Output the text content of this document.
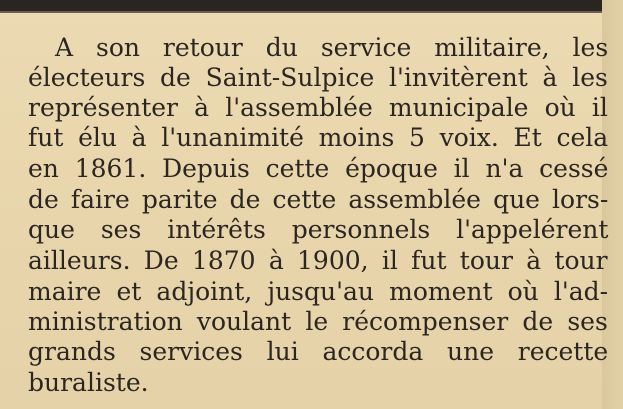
A son retour du service militaire, les
électeurs de Saint-Sulpice l'invitèrent à les
représenter à l'assemblée municipale où il
fut élu à l'unanimité moins 5 voix. Et cela
en 1861. Depuis cette époque il n'a cessé
de faire parite de cette assemblée que lors-
que ses intérêts personnels l'appelérent
ailleurs. De 1870 à 1900, il fut tour à tour
maire et adjoint, jusqu'au moment où l'ad-
ministration voulant le récompenser de ses
grands services lui accorda une recette
buraliste.
